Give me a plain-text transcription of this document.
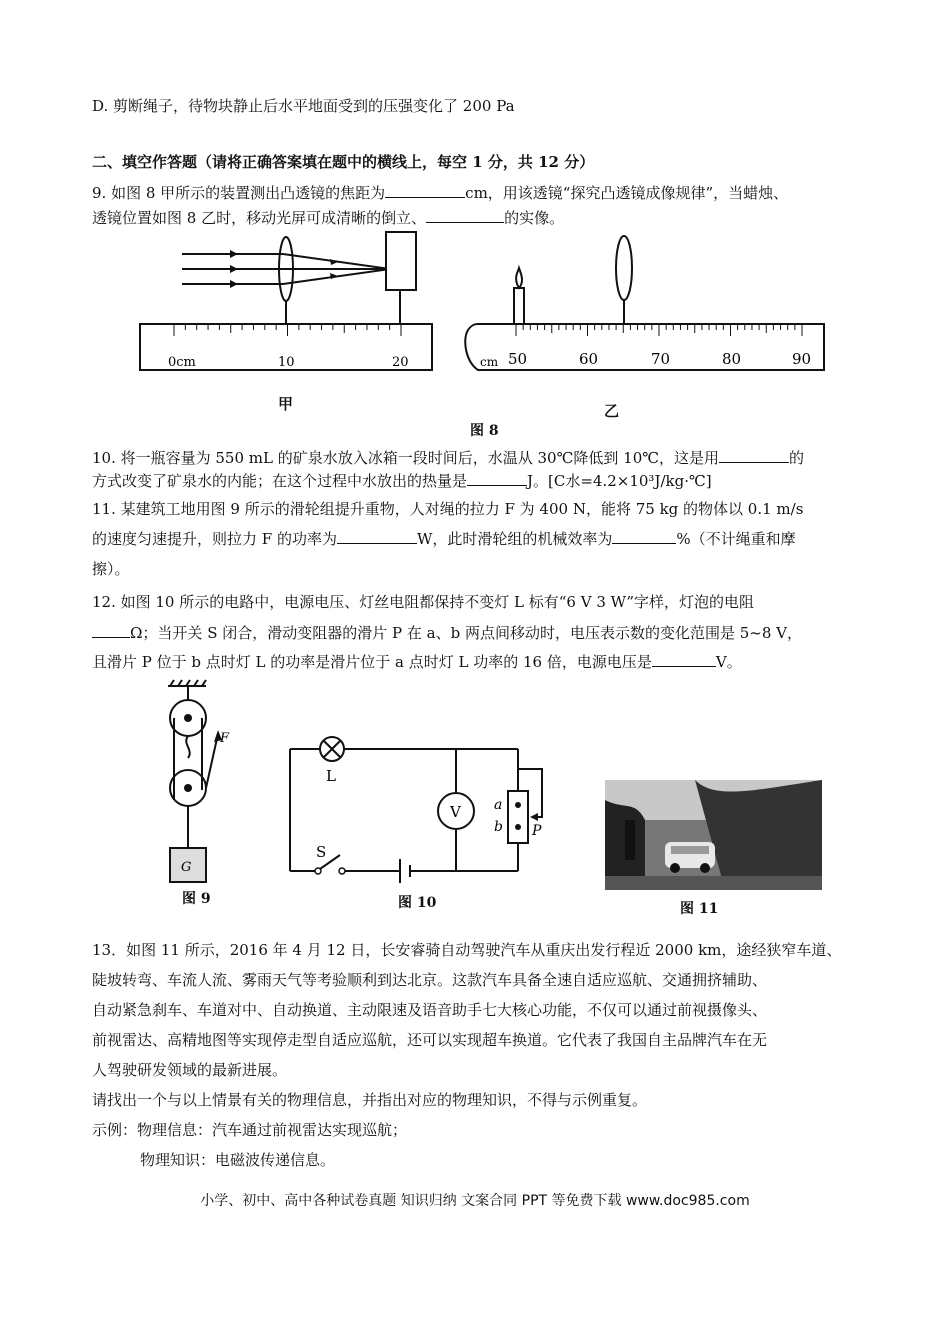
D. 剪断绳子，待物块静止后水平地面受到的压强变化了 200 Pa
二、填空作答题（请将正确答案填在题中的横线上，每空 1 分，共 12 分）
9. 如图 8 甲所示的装置测出凸透镜的焦距为	cm，用该透镜“探究凸透镜成像规律”，当蜡烛、
透镜位置如图 8 乙时，移动光屏可成清晰的倒立、	的实像。
0cm	10	20
甲
cm 50	60	70	80	90
乙
图 8
10. 将一瓶容量为 550 mL 的矿泉水放入冰箱一段时间后，水温从 30℃降低到 10℃，这是用	的
方式改变了矿泉水的内能；在这个过程中水放出的热量是	J。[C水=4.2×10³J/kg·℃]
11. 某建筑工地用图 9 所示的滑轮组提升重物，人对绳的拉力 F 为 400 N，能将 75 kg 的物体以 0.1 m/s
的速度匀速提升，则拉力 F 的功率为	W，此时滑轮组的机械效率为	%（不计绳重和摩
擦）。
12. 如图 10 所示的电路中，电源电压、灯丝电阻都保持不变灯 L 标有“6 V 3 W”字样，灯泡的电阻
Ω；当开关 S 闭合，滑动变阻器的滑片 P 在 a、b 两点间移动时，电压表示数的变化范围是 5~8 V，
且滑片 P 位于 b 点时灯 L 的功率是滑片位于 a 点时灯 L 功率的 16 倍，电源电压是	V。
F
G
图 9
L
V
S
a
b P
图 10	图 11
13．如图 11 所示，2016 年 4 月 12 日，长安睿骑自动驾驶汽车从重庆出发行程近 2000 km，途经狭窄车道、
陡坡转弯、车流人流、雾雨天气等考验顺利到达北京。这款汽车具备全速自适应巡航、交通拥挤辅助、
自动紧急刹车、车道对中、自动换道、主动限速及语音助手七大核心功能，不仅可以通过前视摄像头、
前视雷达、高精地图等实现停走型自适应巡航，还可以实现超车换道。它代表了我国自主品牌汽车在无
人驾驶研发领域的最新进展。
请找出一个与以上情景有关的物理信息，并指出对应的物理知识，不得与示例重复。
示例：物理信息：汽车通过前视雷达实现巡航；
物理知识：电磁波传递信息。
小学、初中、高中各种试卷真题 知识归纳 文案合同 PPT 等免费下载 www.doc985.com
